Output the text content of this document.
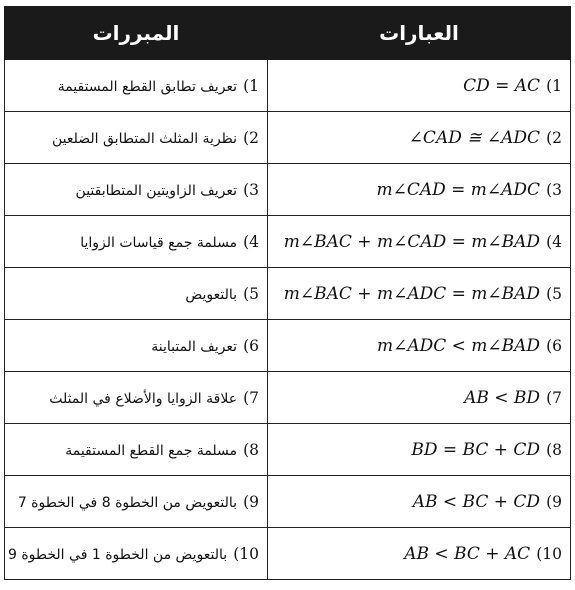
العبارات	المبررات
1)CD = AC	1)تعريف تطابق القطع المستقيمة
2)∠CAD ≅ ∠ADC	2)نظرية المثلث المتطابق الضلعين
3)m∠CAD = m∠ADC	3)تعريف الزاويتين المتطابقتين
4)m∠BAC + m∠CAD = m∠BAD	4)مسلمة جمع قياسات الزوايا
5)m∠BAC + m∠ADC = m∠BAD	5)بالتعويض
6)m∠ADC < m∠BAD	6)تعريف المتباينة
7)AB < BD	7)علاقة الزوايا والأضلاع في المثلث
8)BD = BC + CD	8)مسلمة جمع القطع المستقيمة
9)AB < BC + CD	9)بالتعويض من الخطوة 8 في الخطوة 7
10)AB < BC + AC	10)بالتعويض من الخطوة 1 في الخطوة 9
